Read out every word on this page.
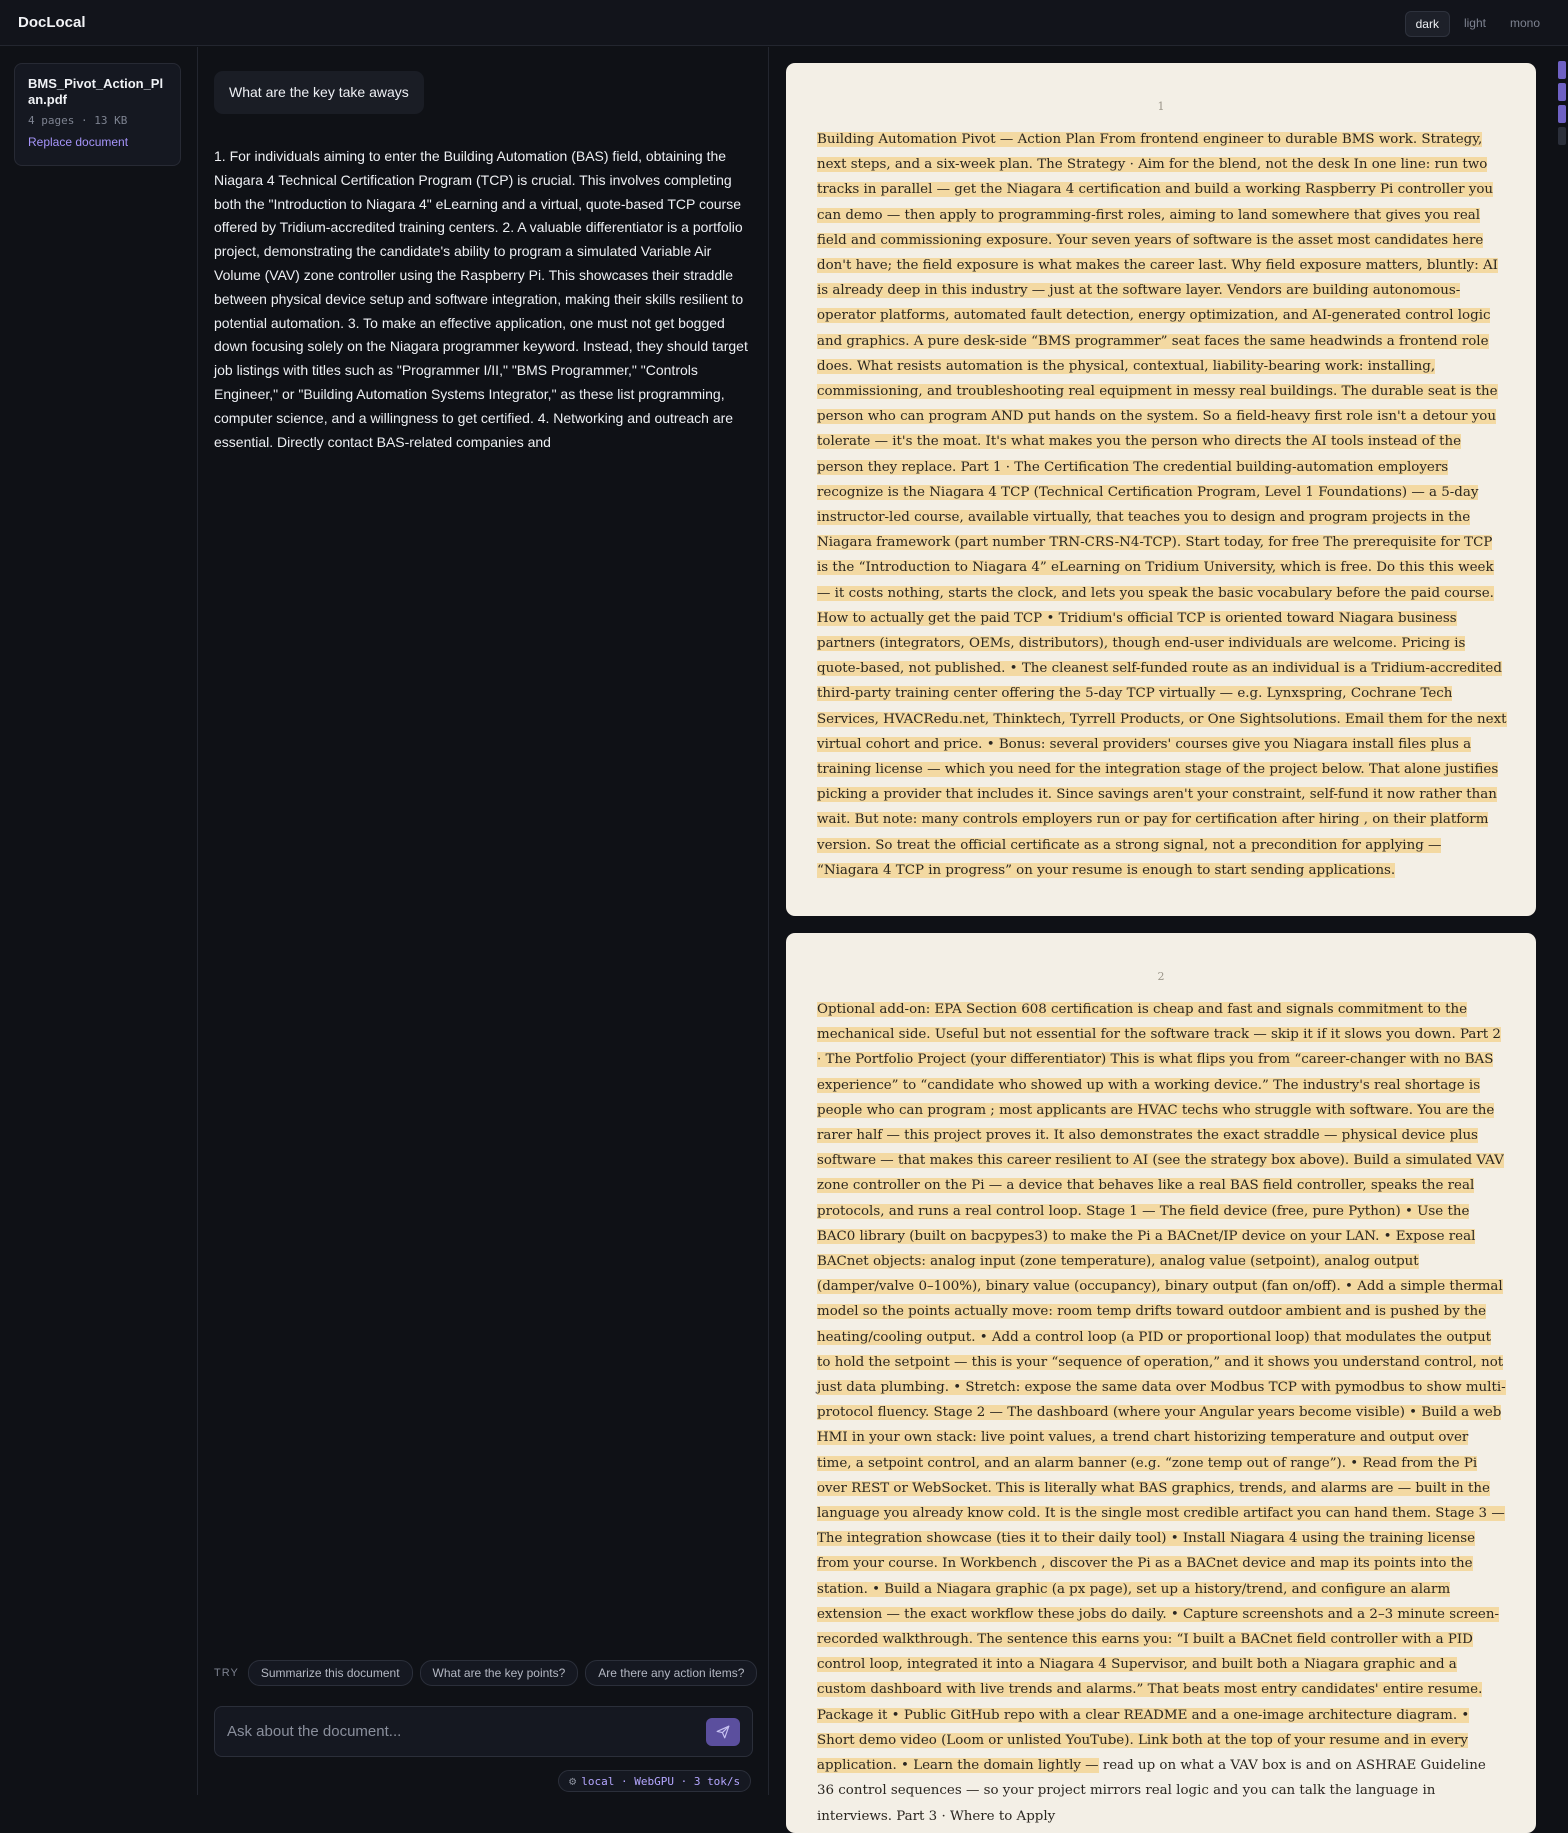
DocLocal	dark	light	mono
BMS_Pivot_Action_Plan.pdf
4 pages · 13 KB
Replace document
What are the key take aways
1. For individuals aiming to enter the Building Automation (BAS) field, obtaining the Niagara 4 Technical Certification Program (TCP) is crucial. This involves completing both the "Introduction to Niagara 4" eLearning and a virtual, quote-based TCP course offered by Tridium-accredited training centers. 2. A valuable differentiator is a portfolio project, demonstrating the candidate's ability to program a simulated Variable Air Volume (VAV) zone controller using the Raspberry Pi. This showcases their straddle between physical device setup and software integration, making their skills resilient to potential automation. 3. To make an effective application, one must not get bogged down focusing solely on the Niagara programmer keyword. Instead, they should target job listings with titles such as "Programmer I/II," "BMS Programmer," "Controls Engineer," or "Building Automation Systems Integrator," as these list programming, computer science, and a willingness to get certified. 4. Networking and outreach are essential. Directly contact BAS-related companies and
TRY	Summarize this document	What are the key points?	Are there any action items?
Ask about the document...
⚙ local · WebGPU · 3 tok/s
1
Building Automation Pivot — Action Plan From frontend engineer to durable BMS work. Strategy, next steps, and a six-week plan. The Strategy · Aim for the blend, not the desk In one line: run two tracks in parallel — get the Niagara 4 certification and build a working Raspberry Pi controller you can demo — then apply to programming-first roles, aiming to land somewhere that gives you real field and commissioning exposure. Your seven years of software is the asset most candidates here don't have; the field exposure is what makes the career last. Why field exposure matters, bluntly: AI is already deep in this industry — just at the software layer. Vendors are building autonomous-operator platforms, automated fault detection, energy optimization, and AI-generated control logic and graphics. A pure desk-side “BMS programmer” seat faces the same headwinds a frontend role does. What resists automation is the physical, contextual, liability-bearing work: installing, commissioning, and troubleshooting real equipment in messy real buildings. The durable seat is the person who can program AND put hands on the system. So a field-heavy first role isn't a detour you tolerate — it's the moat. It's what makes you the person who directs the AI tools instead of the person they replace. Part 1 · The Certification The credential building-automation employers recognize is the Niagara 4 TCP (Technical Certification Program, Level 1 Foundations) — a 5-day instructor-led course, available virtually, that teaches you to design and program projects in the Niagara framework (part number TRN-CRS-N4-TCP). Start today, for free The prerequisite for TCP is the “Introduction to Niagara 4” eLearning on Tridium University, which is free. Do this this week — it costs nothing, starts the clock, and lets you speak the basic vocabulary before the paid course. How to actually get the paid TCP • Tridium's official TCP is oriented toward Niagara business partners (integrators, OEMs, distributors), though end-user individuals are welcome. Pricing is quote-based, not published. • The cleanest self-funded route as an individual is a Tridium-accredited third-party training center offering the 5-day TCP virtually — e.g. Lynxspring, Cochrane Tech Services, HVACRedu.net, Thinktech, Tyrrell Products, or One Sightsolutions. Email them for the next virtual cohort and price. • Bonus: several providers' courses give you Niagara install files plus a training license — which you need for the integration stage of the project below. That alone justifies picking a provider that includes it. Since savings aren't your constraint, self-fund it now rather than wait. But note: many controls employers run or pay for certification after hiring , on their platform version. So treat the official certificate as a strong signal, not a precondition for applying — “Niagara 4 TCP in progress” on your resume is enough to start sending applications.
2
Optional add-on: EPA Section 608 certification is cheap and fast and signals commitment to the mechanical side. Useful but not essential for the software track — skip it if it slows you down. Part 2 · The Portfolio Project (your differentiator) This is what flips you from “career-changer with no BAS experience” to “candidate who showed up with a working device.” The industry's real shortage is people who can program ; most applicants are HVAC techs who struggle with software. You are the rarer half — this project proves it. It also demonstrates the exact straddle — physical device plus software — that makes this career resilient to AI (see the strategy box above). Build a simulated VAV zone controller on the Pi — a device that behaves like a real BAS field controller, speaks the real protocols, and runs a real control loop. Stage 1 — The field device (free, pure Python) • Use the BAC0 library (built on bacpypes3) to make the Pi a BACnet/IP device on your LAN. • Expose real BACnet objects: analog input (zone temperature), analog value (setpoint), analog output (damper/valve 0–100%), binary value (occupancy), binary output (fan on/off). • Add a simple thermal model so the points actually move: room temp drifts toward outdoor ambient and is pushed by the heating/cooling output. • Add a control loop (a PID or proportional loop) that modulates the output to hold the setpoint — this is your “sequence of operation,” and it shows you understand control, not just data plumbing. • Stretch: expose the same data over Modbus TCP with pymodbus to show multi-protocol fluency. Stage 2 — The dashboard (where your Angular years become visible) • Build a web HMI in your own stack: live point values, a trend chart historizing temperature and output over time, a setpoint control, and an alarm banner (e.g. “zone temp out of range”). • Read from the Pi over REST or WebSocket. This is literally what BAS graphics, trends, and alarms are — built in the language you already know cold. It is the single most credible artifact you can hand them. Stage 3 — The integration showcase (ties it to their daily tool) • Install Niagara 4 using the training license from your course. In Workbench , discover the Pi as a BACnet device and map its points into the station. • Build a Niagara graphic (a px page), set up a history/trend, and configure an alarm extension — the exact workflow these jobs do daily. • Capture screenshots and a 2–3 minute screen-recorded walkthrough. The sentence this earns you: “I built a BACnet field controller with a PID control loop, integrated it into a Niagara 4 Supervisor, and built both a Niagara graphic and a custom dashboard with live trends and alarms.” That beats most entry candidates' entire resume. Package it • Public GitHub repo with a clear README and a one-image architecture diagram. • Short demo video (Loom or unlisted YouTube). Link both at the top of your resume and in every application. • Learn the domain lightly — read up on what a VAV box is and on ASHRAE Guideline 36 control sequences — so your project mirrors real logic and you can talk the language in interviews. Part 3 · Where to Apply
